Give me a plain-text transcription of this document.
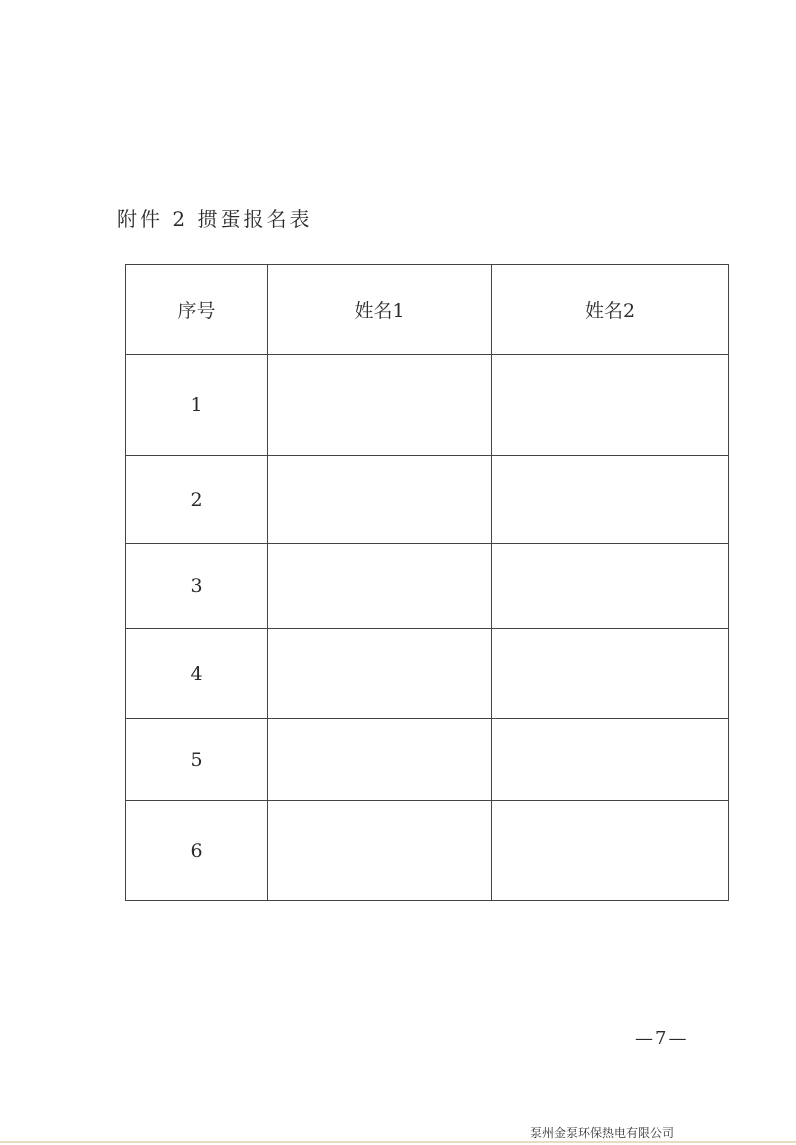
附件 2 掼蛋报名表
序号	姓名1	姓名2
1		
2		
3		
4		
5		
6		
—7—
泵州金泵环保热电有限公司
